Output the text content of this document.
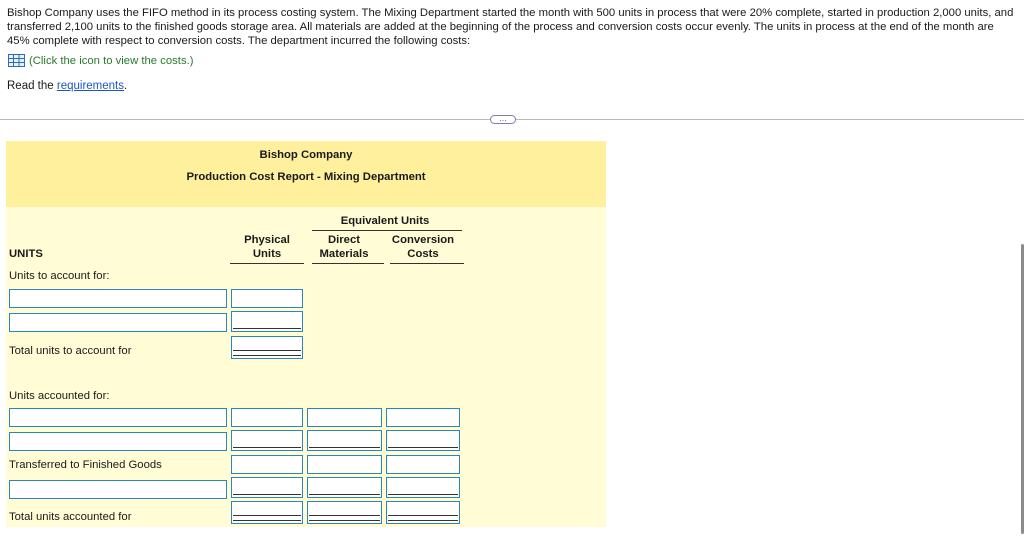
Bishop Company uses the FIFO method in its process costing system. The Mixing Department started the month with 500 units in process that were 20% complete, started in production 2,000 units, and transferred 2,100 units to the finished goods storage area. All materials are added at the beginning of the process and conversion costs occur evenly. The units in process at the end of the month are 45% complete with respect to conversion costs. The department incurred the following costs:
(Click the icon to view the costs.)
Read the requirements.
…
Bishop Company
Production Cost Report - Mixing Department
Equivalent Units
Physical
Units
Direct
Materials
Conversion
Costs
UNITS
Units to account for:
Total units to account for
Units accounted for:
Transferred to Finished Goods
Total units accounted for
